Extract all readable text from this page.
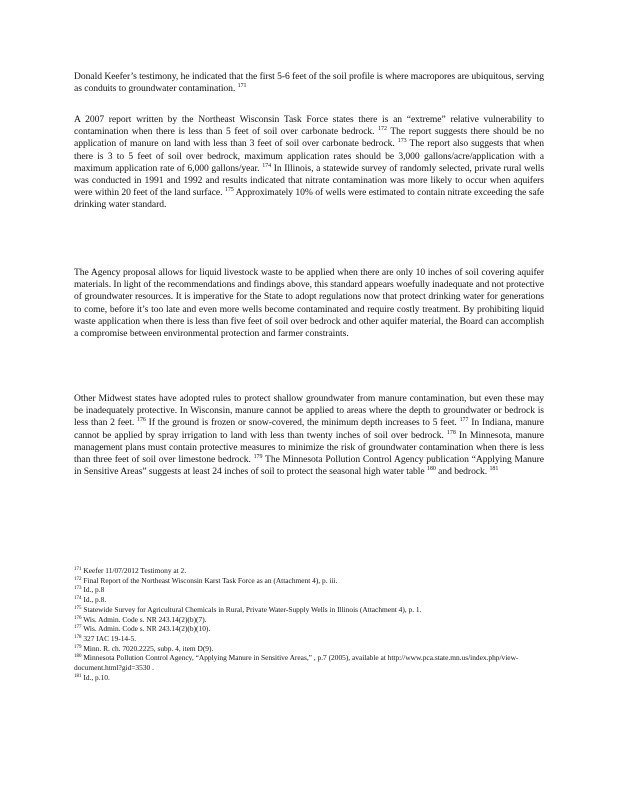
Donald Keefer’s testimony, he indicated that the first 5-6 feet of the soil profile is where macropores are ubiquitous, serving as conduits to groundwater contamination. $^{171}$

A 2007 report written by the Northeast Wisconsin Task Force states there is an “extreme” relative vulnerability to contamination when there is less than 5 feet of soil over carbonate bedrock. $^{172}$ The report suggests there should be no application of manure on land with less than 3 feet of soil over carbonate bedrock. $^{173}$ The report also suggests that when there is 3 to 5 feet of soil over bedrock, maximum application rates should be 3,000 gallons/acre/application with a maximum application rate of 6,000 gallons/year. $^{174}$ In Illinois, a statewide survey of randomly selected, private rural wells was conducted in 1991 and 1992 and results indicated that nitrate contamination was more likely to occur when aquifers were within 20 feet of the land surface. $^{175}$ Approximately 10% of wells were estimated to contain nitrate exceeding the safe drinking water standard.

The Agency proposal allows for liquid livestock waste to be applied when there are only 10 inches of soil covering aquifer materials. In light of the recommendations and findings above, this standard appears woefully inadequate and not protective of groundwater resources. It is imperative for the State to adopt regulations now that protect drinking water for generations to come, before it’s too late and even more wells become contaminated and require costly treatment. By prohibiting liquid waste application when there is less than five feet of soil over bedrock and other aquifer material, the Board can accomplish a compromise between environmental protection and farmer constraints.

Other Midwest states have adopted rules to protect shallow groundwater from manure contamination, but even these may be inadequately protective. In Wisconsin, manure cannot be applied to areas where the depth to groundwater or bedrock is less than 2 feet. $^{176}$ If the ground is frozen or snow-covered, the minimum depth increases to 5 feet. $^{177}$ In Indiana, manure cannot be applied by spray irrigation to land with less than twenty inches of soil over bedrock. $^{178}$ In Minnesota, manure management plans must contain protective measures to minimize the risk of groundwater contamination when there is less than three feet of soil over limestone bedrock. $^{179}$ The Minnesota Pollution Control Agency publication “Applying Manure in Sensitive Areas” suggests at least 24 inches of soil to protect the seasonal high water table $^{180}$ and bedrock. $^{181}$

$^{171}$ Keefer 11/07/2012 Testimony at 2.
$^{172}$ Final Report of the Northeast Wisconsin Karst Task Force as an (Attachment 4), p. iii.
$^{173}$ Id., p.8
$^{174}$ Id., p.8.
$^{175}$ Statewide Survey for Agricultural Chemicals in Rural, Private Water-Supply Wells in Illinois (Attachment 4), p. 1.
$^{176}$ Wis. Admin. Code s. NR 243.14(2)(b)(7).
$^{177}$ Wis. Admin. Code s. NR 243.14(2)(b)(10).
$^{178}$ 327 IAC 19-14-5.
$^{179}$ Minn. R. ch. 7020.2225, subp. 4, item D(9).
$^{180}$ Minnesota Pollution Control Agency, “Applying Manure in Sensitive Areas,” , p.7 (2005), available at http://www.pca.state.mn.us/index.php/view-document.html?gid=3530 .
$^{181}$ Id., p.10.
